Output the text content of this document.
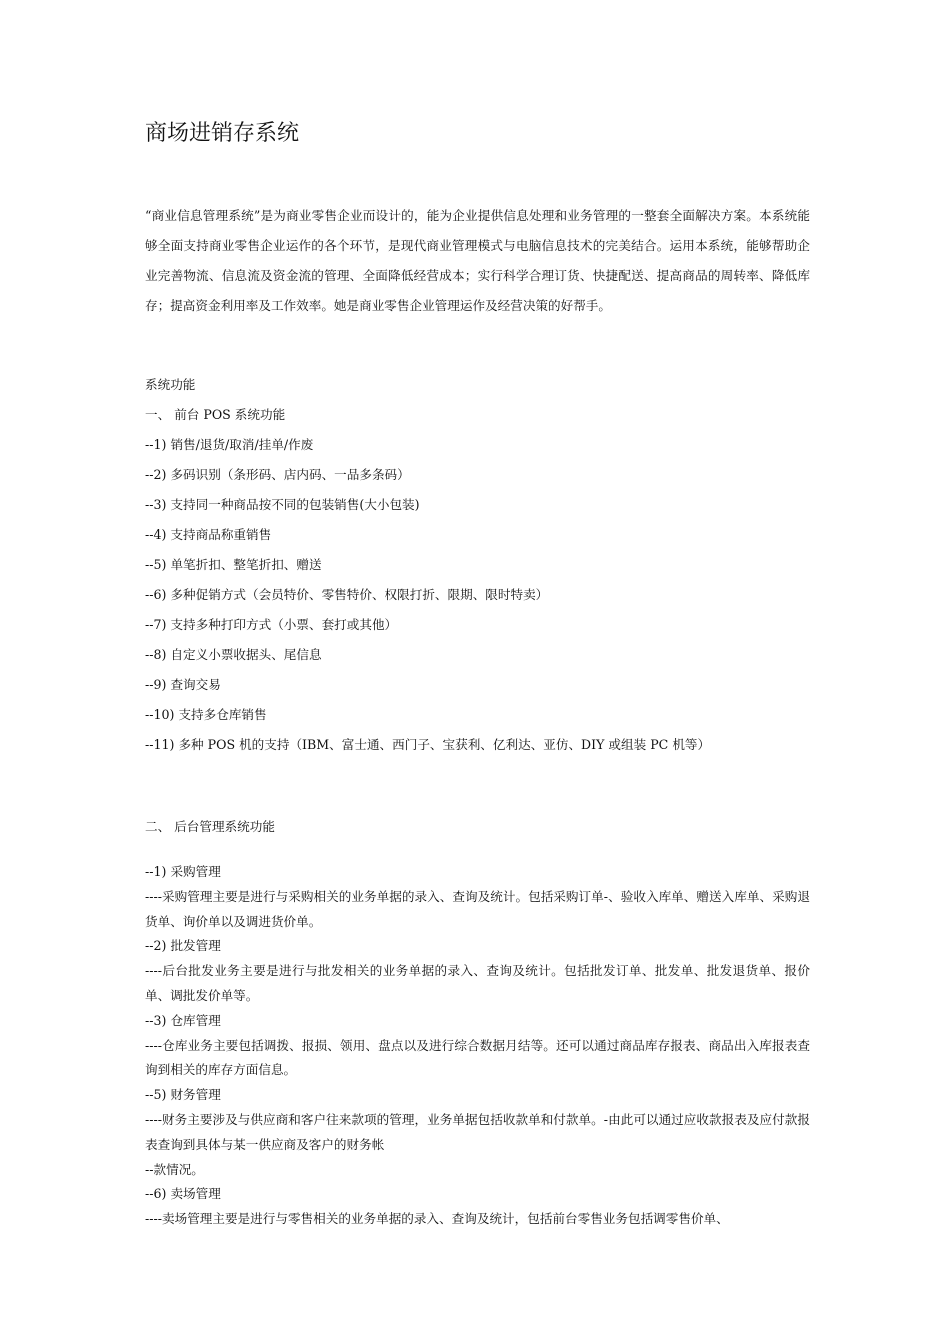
商场进销存系统

“商业信息管理系统”是为商业零售企业而设计的，能为企业提供信息处理和业务管理的一整套全面解决方案。本系统能够全面支持商业零售企业运作的各个环节，是现代商业管理模式与电脑信息技术的完美结合。运用本系统，能够帮助企业完善物流、信息流及资金流的管理、全面降低经营成本；实行科学合理订货、快捷配送、提高商品的周转率、降低库存；提高资金利用率及工作效率。她是商业零售企业管理运作及经营决策的好帮手。

系统功能
一、 前台 POS 系统功能
--1) 销售/退货/取消/挂单/作废
--2) 多码识别（条形码、店内码、一品多条码）
--3) 支持同一种商品按不同的包装销售(大小包装)
--4) 支持商品称重销售
--5) 单笔折扣、整笔折扣、赠送
--6) 多种促销方式（会员特价、零售特价、权限打折、限期、限时特卖）
--7) 支持多种打印方式（小票、套打或其他）
--8) 自定义小票收据头、尾信息
--9) 查询交易
--10) 支持多仓库销售
--11) 多种 POS 机的支持（IBM、富士通、西门子、宝获利、亿利达、亚仿、DIY 或组装 PC 机等）
二、 后台管理系统功能
--1) 采购管理
----采购管理主要是进行与采购相关的业务单据的录入、查询及统计。包括采购订单-、验收入库单、赠送入库单、采购退货单、询价单以及调进货价单。
--2) 批发管理
----后台批发业务主要是进行与批发相关的业务单据的录入、查询及统计。包括批发订单、批发单、批发退货单、报价单、调批发价单等。
--3) 仓库管理
----仓库业务主要包括调拨、报损、领用、盘点以及进行综合数据月结等。还可以通过商品库存报表、商品出入库报表查询到相关的库存方面信息。
--5) 财务管理
----财务主要涉及与供应商和客户往来款项的管理，业务单据包括收款单和付款单。-由此可以通过应收款报表及应付款报表查询到具体与某一供应商及客户的财务帐
--款情况。
--6) 卖场管理
----卖场管理主要是进行与零售相关的业务单据的录入、查询及统计，包括前台零售业务包括调零售价单、
